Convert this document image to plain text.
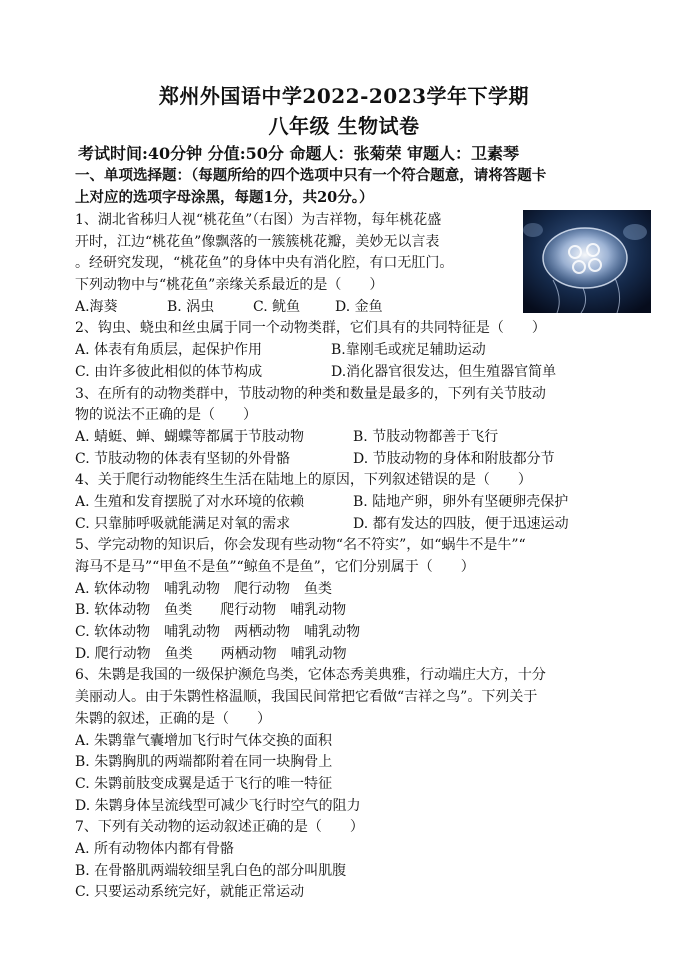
郑州外国语中学2022-2023学年下学期
八年级 生物试卷
考试时间:40分钟 分值:50分 命题人：张菊荣 审题人：卫素琴
一、单项选择题：（每题所给的四个选项中只有一个符合题意，请将答题卡
上对应的选项字母涂黑，每题1分，共20分。）
1、湖北省秭归人视“桃花鱼”（右图）为吉祥物，每年桃花盛
开时，江边“桃花鱼”像飘落的一簇簇桃花瓣，美妙无以言表
。经研究发现，“桃花鱼”的身体中央有消化腔，有口无肛门。
下列动物中与“桃花鱼”亲缘关系最近的是（　　）
A.海葵	B. 涡虫	C. 鱿鱼 D. 金鱼
2、钩虫、蛲虫和丝虫属于同一个动物类群，它们具有的共同特征是（　　）
A. 体表有角质层，起保护作用	B.靠刚毛或疣足辅助运动
C. 由许多彼此相似的体节构成	D.消化器官很发达，但生殖器官简单
3、在所有的动物类群中，节肢动物的种类和数量是最多的，下列有关节肢动
物的说法不正确的是（　　）
A. 蜻蜓、蝉、蝴蝶等都属于节肢动物	B. 节肢动物都善于飞行
C. 节肢动物的体表有坚韧的外骨骼	D. 节肢动物的身体和附肢都分节
4、关于爬行动物能终生生活在陆地上的原因，下列叙述错误的是（　　）
A. 生殖和发育摆脱了对水环境的依赖	B. 陆地产卵，卵外有坚硬卵壳保护
C. 只靠肺呼吸就能满足对氧的需求	D. 都有发达的四肢，便于迅速运动
5、学完动物的知识后，你会发现有些动物“名不符实”，如“蜗牛不是牛”“
海马不是马”“甲鱼不是鱼”“鲸鱼不是鱼”，它们分别属于（　　）
A. 软体动物　哺乳动物　爬行动物　鱼类
B. 软体动物　鱼类　　爬行动物　哺乳动物
C. 软体动物　哺乳动物　两栖动物　哺乳动物
D. 爬行动物　鱼类　　两栖动物　哺乳动物
6、朱鹮是我国的一级保护濒危鸟类，它体态秀美典雅，行动端庄大方，十分
美丽动人。由于朱鹮性格温顺，我国民间常把它看做“吉祥之鸟”。下列关于
朱鹮的叙述，正确的是（　　）
A. 朱鹮靠气囊增加飞行时气体交换的面积
B. 朱鹮胸肌的两端都附着在同一块胸骨上
C. 朱鹮前肢变成翼是适于飞行的唯一特征
D. 朱鹮身体呈流线型可减少飞行时空气的阻力
7、下列有关动物的运动叙述正确的是（　　）
A. 所有动物体内都有骨骼
B. 在骨骼肌两端较细呈乳白色的部分叫肌腹
C. 只要运动系统完好，就能正常运动
